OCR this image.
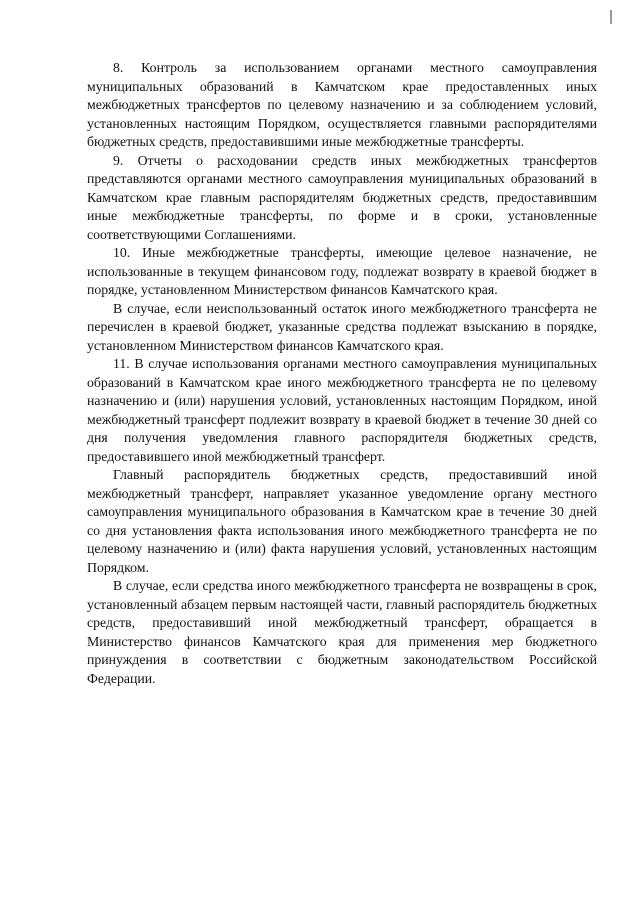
8. Контроль за использованием органами местного самоуправления муниципальных образований в Камчатском крае предоставленных иных межбюджетных трансфертов по целевому назначению и за соблюдением условий, установленных настоящим Порядком, осуществляется главными распорядителями бюджетных средств, предоставившими иные межбюджетные трансферты.

9. Отчеты о расходовании средств иных межбюджетных трансфертов представляются органами местного самоуправления муниципальных образований в Камчатском крае главным распорядителям бюджетных средств, предоставившим иные межбюджетные трансферты, по форме и в сроки, установленные соответствующими Соглашениями.

10. Иные межбюджетные трансферты, имеющие целевое назначение, не использованные в текущем финансовом году, подлежат возврату в краевой бюджет в порядке, установленном Министерством финансов Камчатского края.

В случае, если неиспользованный остаток иного межбюджетного трансферта не перечислен в краевой бюджет, указанные средства подлежат взысканию в порядке, установленном Министерством финансов Камчатского края.

11. В случае использования органами местного самоуправления муниципальных образований в Камчатском крае иного межбюджетного трансферта не по целевому назначению и (или) нарушения условий, установленных настоящим Порядком, иной межбюджетный трансферт подлежит возврату в краевой бюджет в течение 30 дней со дня получения уведомления главного распорядителя бюджетных средств, предоставившего иной межбюджетный трансферт.

Главный распорядитель бюджетных средств, предоставивший иной межбюджетный трансферт, направляет указанное уведомление органу местного самоуправления муниципального образования в Камчатском крае в течение 30 дней со дня установления факта использования иного межбюджетного трансферта не по целевому назначению и (или) факта нарушения условий, установленных настоящим Порядком.

В случае, если средства иного межбюджетного трансферта не возвращены в срок, установленный абзацем первым настоящей части, главный распорядитель бюджетных средств, предоставивший иной межбюджетный трансферт, обращается в Министерство финансов Камчатского края для применения мер бюджетного принуждения в соответствии с бюджетным законодательством Российской Федерации.
